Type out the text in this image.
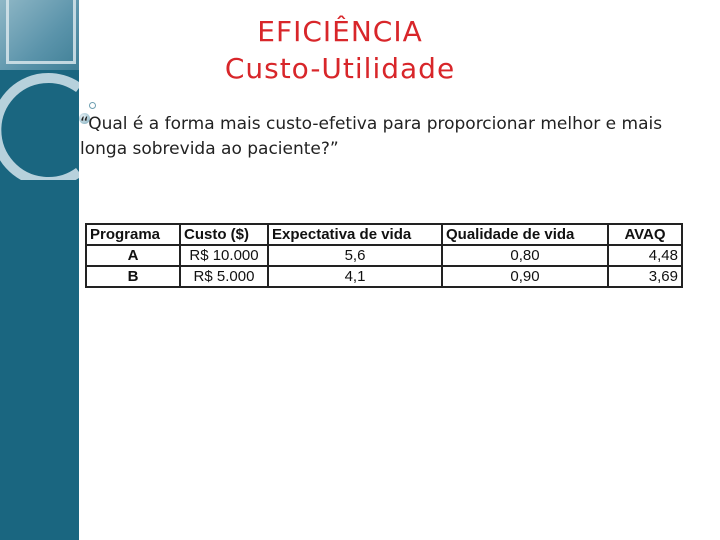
EFICIÊNCIA
Custo-Utilidade

“Qual é a forma mais custo-efetiva para proporcionar melhor e mais longa sobrevida ao paciente?”

Programa	Custo ($)	Expectativa de vida	Qualidade de vida	AVAQ
A	R$ 10.000	5,6	0,80	4,48
B	R$ 5.000	4,1	0,90	3,69
